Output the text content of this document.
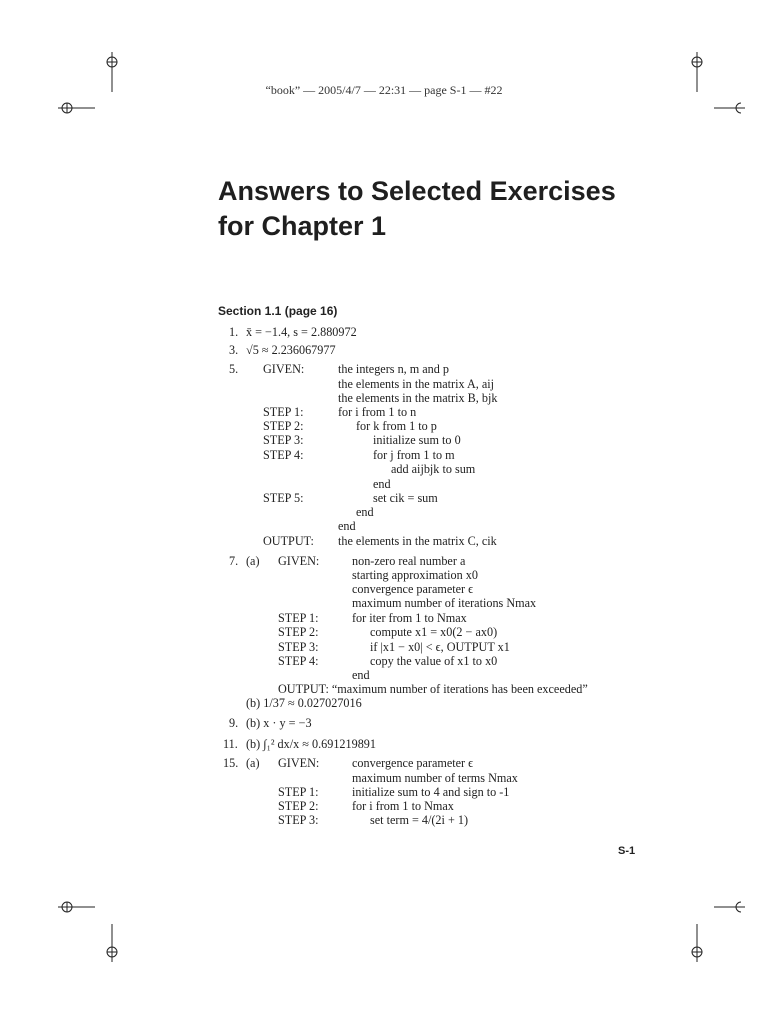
“book” — 2005/4/7 — 22:31 — page S-1 — #22
Answers to Selected Exercises
for Chapter 1
Section 1.1 (page 16)
1. x̄ = −1.4, s = 2.880972
3. √5 ≈ 2.236067977
5. GIVEN:	the integers n, m and p
the elements in the matrix A, aij
the elements in the matrix B, bjk
STEP 1:	for i from 1 to n
STEP 2:	for k from 1 to p
STEP 3:	initialize sum to 0
STEP 4:	for j from 1 to m
add aijbjk to sum
end
STEP 5:	set cik = sum
end
end
OUTPUT: the elements in the matrix C, cik
7. (a) GIVEN:	non-zero real number a
starting approximation x0
convergence parameter ϵ
maximum number of iterations Nmax
STEP 1:	for iter from 1 to Nmax
STEP 2:	compute x1 = x0(2 − ax0)
STEP 3:	if |x1 − x0| < ϵ, OUTPUT x1
STEP 4:	copy the value of x1 to x0
end
OUTPUT: “maximum number of iterations has been exceeded”
(b) 1/37 ≈ 0.027027016
9. (b) x · y = −3
11. (b) ∫₁² dx/x ≈ 0.691219891
15. (a) GIVEN:	convergence parameter ϵ
maximum number of terms Nmax
STEP 1:	initialize sum to 4 and sign to -1
STEP 2:	for i from 1 to Nmax
STEP 3:	set term = 4/(2i + 1)
S-1
